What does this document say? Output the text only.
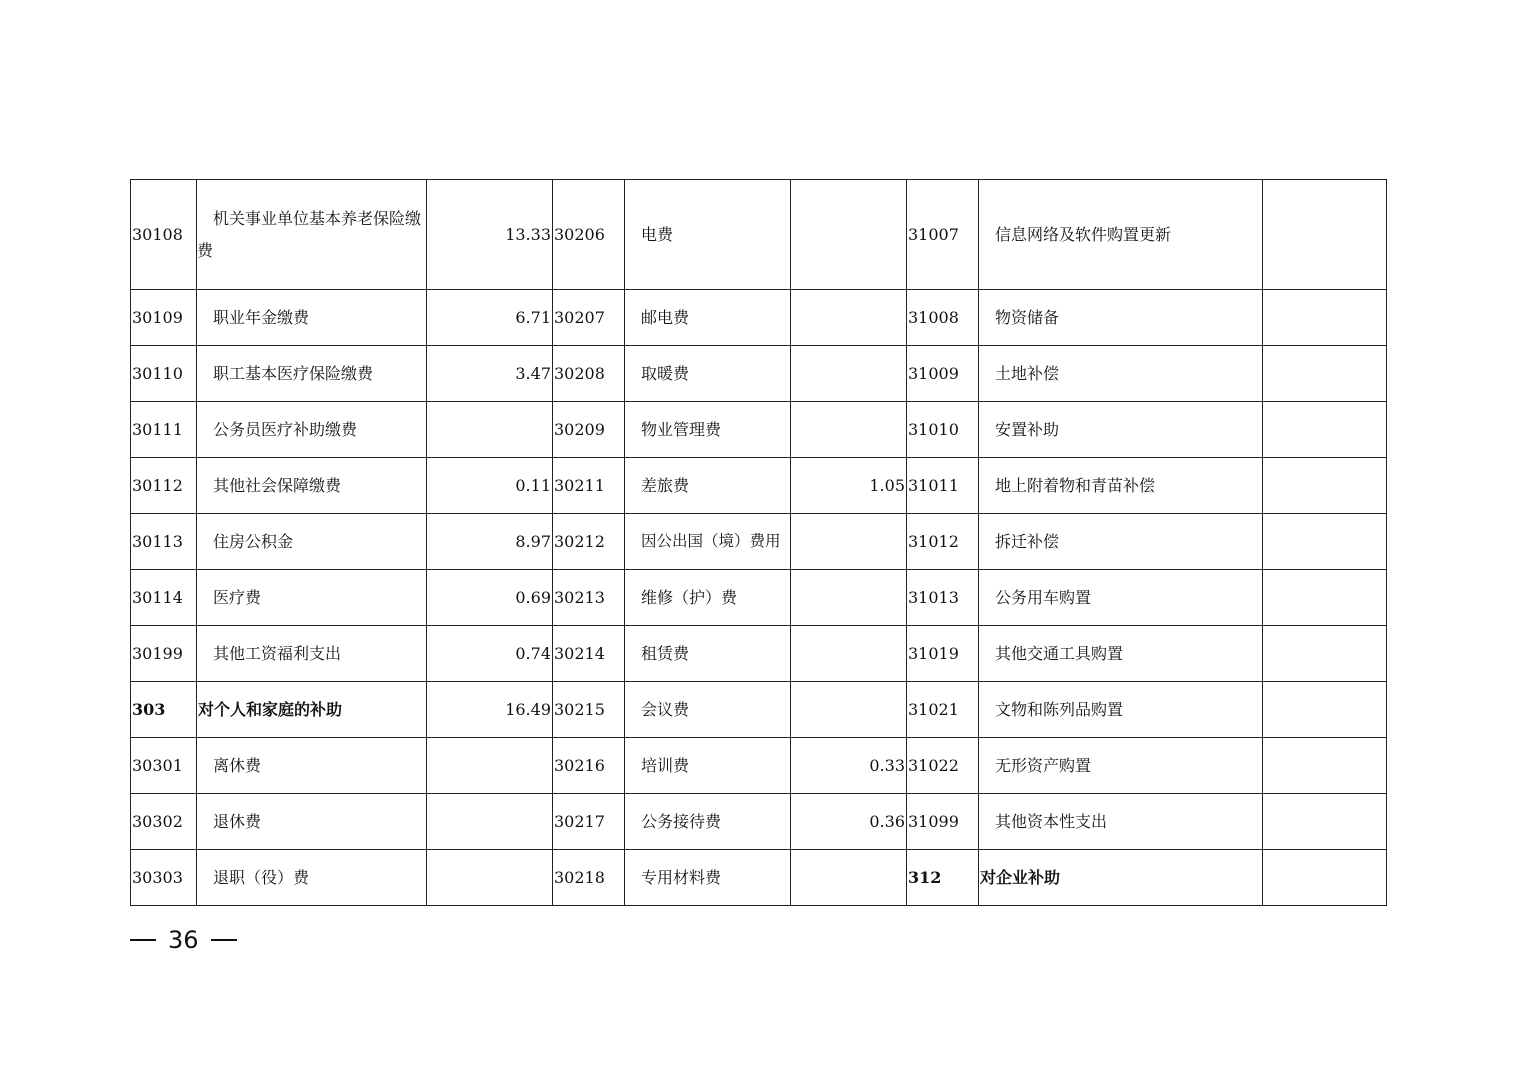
30108	机关事业单位基本养老保险缴费	13.33	30206	电费		31007	信息网络及软件购置更新	
30109	职业年金缴费	6.71	30207	邮电费		31008	物资储备	
30110	职工基本医疗保险缴费	3.47	30208	取暖费		31009	土地补偿	
30111	公务员医疗补助缴费		30209	物业管理费		31010	安置补助	
30112	其他社会保障缴费	0.11	30211	差旅费	1.05	31011	地上附着物和青苗补偿	
30113	住房公积金	8.97	30212	因公出国（境）费用		31012	拆迁补偿	
30114	医疗费	0.69	30213	维修（护）费		31013	公务用车购置	
30199	其他工资福利支出	0.74	30214	租赁费		31019	其他交通工具购置	
303	对个人和家庭的补助	16.49	30215	会议费		31021	文物和陈列品购置	
30301	离休费		30216	培训费	0.33	31022	无形资产购置	
30302	退休费		30217	公务接待费	0.36	31099	其他资本性支出	
30303	退职（役）费		30218	专用材料费		312	对企业补助	
36
